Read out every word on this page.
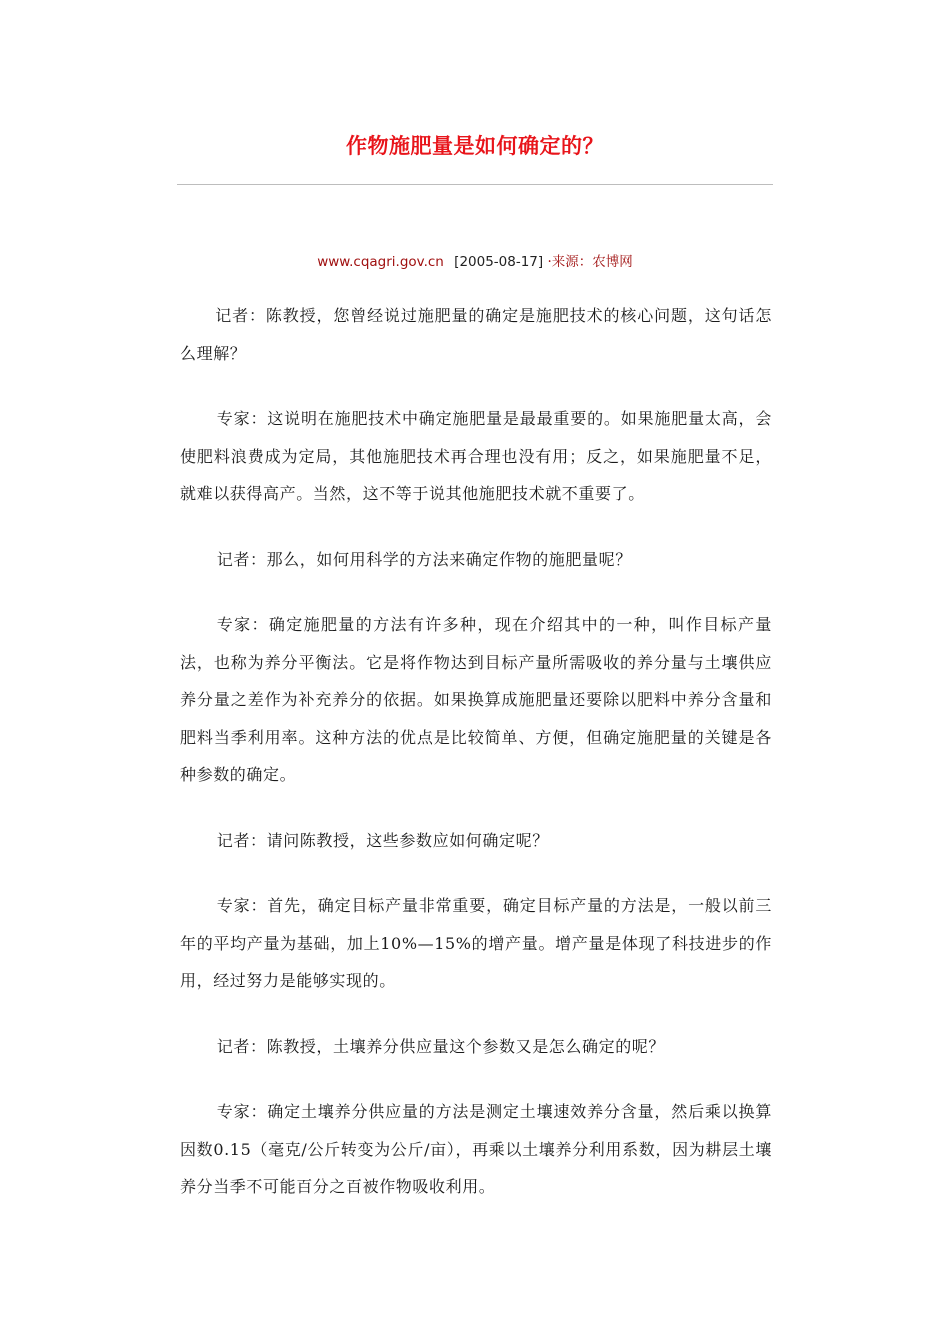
作物施肥量是如何确定的？
www.cqagri.gov.cn [2005-08-17] ·来源：农博网

记者：陈教授，您曾经说过施肥量的确定是施肥技术的核心问题，这句话怎么理解？

专家：这说明在施肥技术中确定施肥量是最最重要的。如果施肥量太高，会使肥料浪费成为定局，其他施肥技术再合理也没有用；反之，如果施肥量不足，就难以获得高产。当然，这不等于说其他施肥技术就不重要了。

记者：那么，如何用科学的方法来确定作物的施肥量呢？

专家：确定施肥量的方法有许多种，现在介绍其中的一种，叫作目标产量法，也称为养分平衡法。它是将作物达到目标产量所需吸收的养分量与土壤供应养分量之差作为补充养分的依据。如果换算成施肥量还要除以肥料中养分含量和肥料当季利用率。这种方法的优点是比较简单、方便，但确定施肥量的关键是各种参数的确定。

记者：请问陈教授，这些参数应如何确定呢？

专家：首先，确定目标产量非常重要，确定目标产量的方法是，一般以前三年的平均产量为基础，加上10%—15%的增产量。增产量是体现了科技进步的作用，经过努力是能够实现的。

记者：陈教授，土壤养分供应量这个参数又是怎么确定的呢？

专家：确定土壤养分供应量的方法是测定土壤速效养分含量，然后乘以换算因数0.15（毫克/公斤转变为公斤/亩），再乘以土壤养分利用系数，因为耕层土壤养分当季不可能百分之百被作物吸收利用。
